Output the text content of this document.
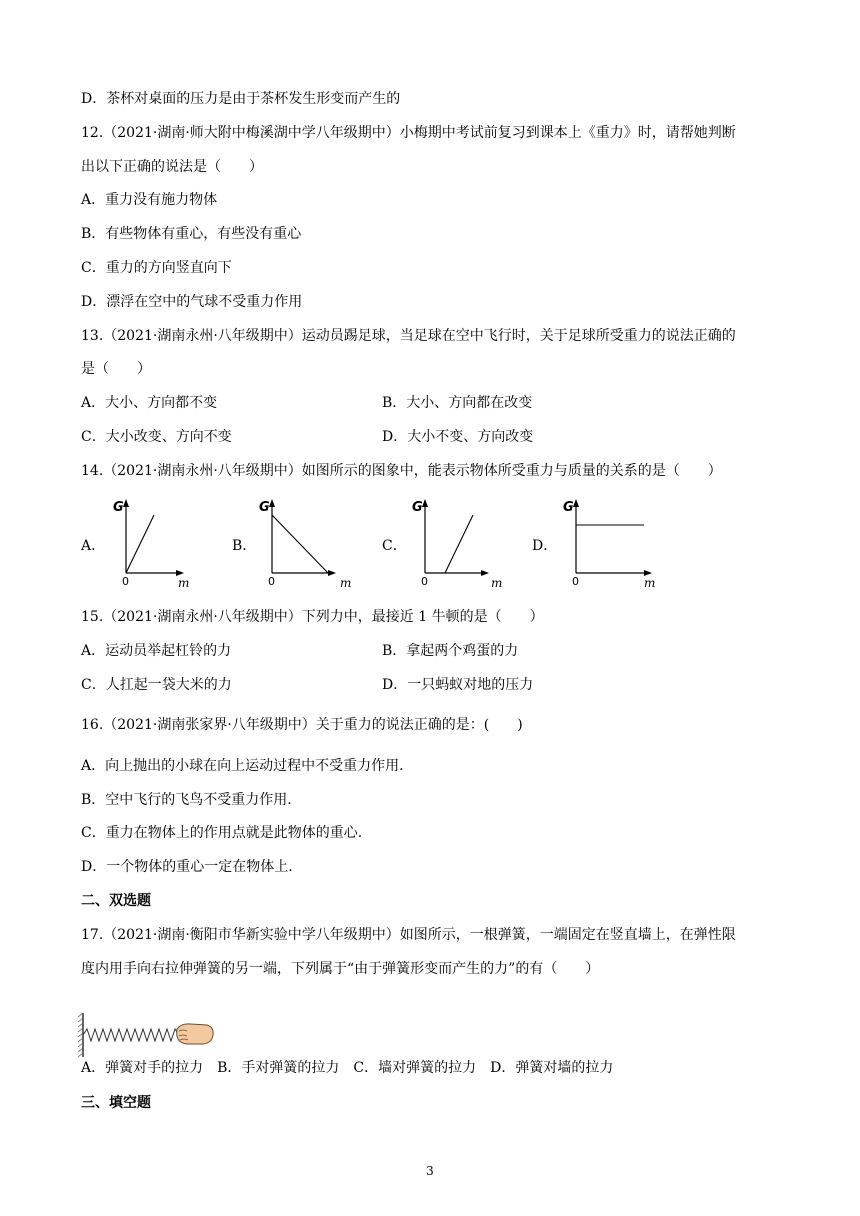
D．茶杯对桌面的压力是由于茶杯发生形变而产生的
12.（2021·湖南·师大附中梅溪湖中学八年级期中）小梅期中考试前复习到课本上《重力》时，请帮她判断
出以下正确的说法是（　　）
A．重力没有施力物体
B．有些物体有重心，有些没有重心
C．重力的方向竖直向下
D．漂浮在空中的气球不受重力作用
13.（2021·湖南永州·八年级期中）运动员踢足球，当足球在空中飞行时，关于足球所受重力的说法正确的
是（　　）
A．大小、方向都不变	B．大小、方向都在改变
C．大小改变、方向不变	D．大小不变、方向改变
14.（2021·湖南永州·八年级期中）如图所示的图象中，能表示物体所受重力与质量的关系的是（　　）
A．
G
0	m
B．
G
0	m
C．
G
0	m
D．
G
0	m
15.（2021·湖南永州·八年级期中）下列力中，最接近 1 牛顿的是（　　）
A．运动员举起杠铃的力	B．拿起两个鸡蛋的力
C．人扛起一袋大米的力	D．一只蚂蚁对地的压力
16.（2021·湖南张家界·八年级期中）关于重力的说法正确的是：(　　)
A．向上抛出的小球在向上运动过程中不受重力作用.
B．空中飞行的飞鸟不受重力作用.
C．重力在物体上的作用点就是此物体的重心.
D．一个物体的重心一定在物体上.
二、双选题
17.（2021·湖南·衡阳市华新实验中学八年级期中）如图所示，一根弹簧，一端固定在竖直墙上，在弹性限
度内用手向右拉伸弹簧的另一端，下列属于“由于弹簧形变而产生的力”的有（　　）
A．弹簧对手的拉力　B．手对弹簧的拉力　C．墙对弹簧的拉力　D．弹簧对墙的拉力
三、填空题
3
